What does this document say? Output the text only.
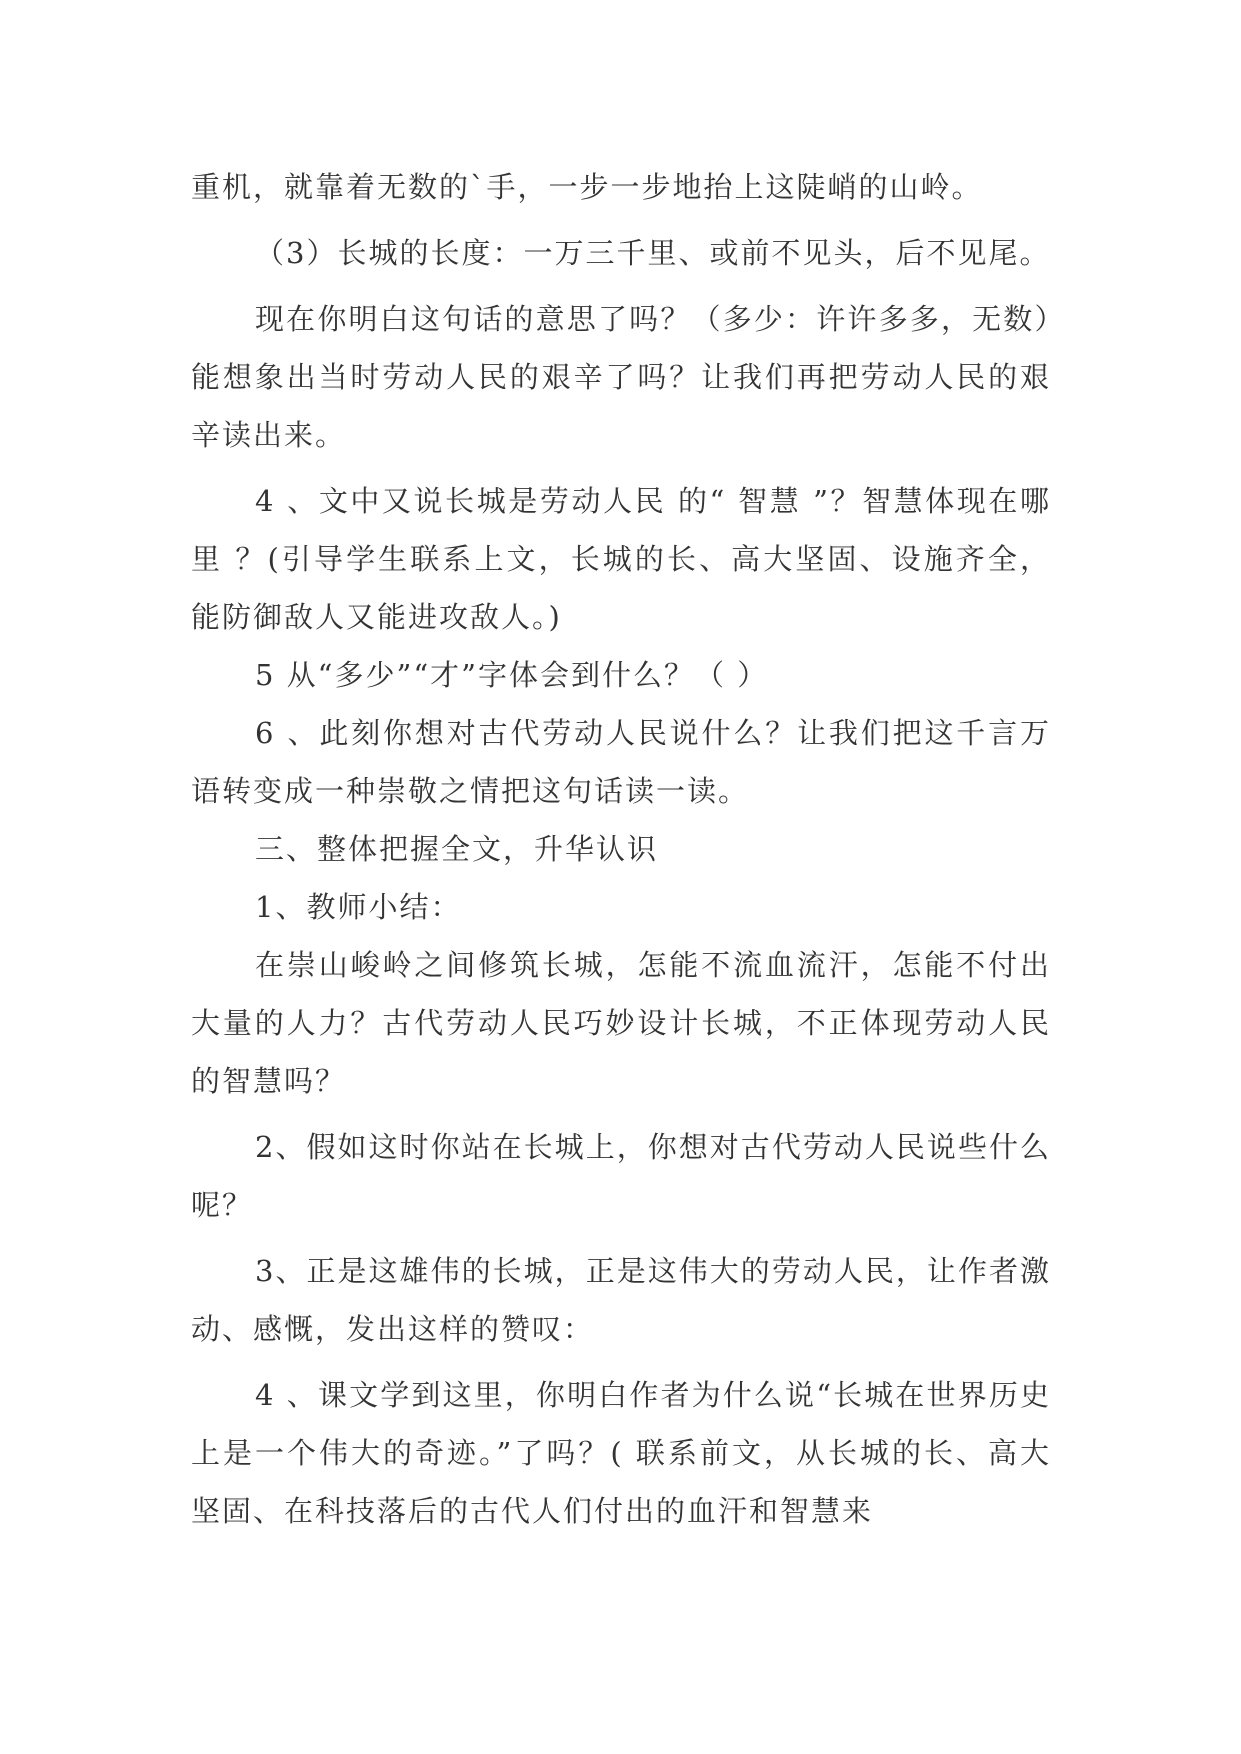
重机，就靠着无数的`手，一步一步地抬上这陡峭的山岭。

（3）长城的长度：一万三千里、或前不见头，后不见尾。

现在你明白这句话的意思了吗？（多少：许许多多，无数）能想象出当时劳动人民的艰辛了吗？让我们再把劳动人民的艰辛读出来。

4 、文中又说长城是劳动人民 的“ 智慧 ”？智慧体现在哪里 ？(引导学生联系上文，长城的长、高大坚固、设施齐全，能防御敌人又能进攻敌人。)

5 从“多少”“才”字体会到什么？（ ）

6 、此刻你想对古代劳动人民说什么？让我们把这千言万语转变成一种崇敬之情把这句话读一读。

三、整体把握全文，升华认识

1、教师小结：

在崇山峻岭之间修筑长城，怎能不流血流汗，怎能不付出大量的人力？古代劳动人民巧妙设计长城，不正体现劳动人民的智慧吗？

2、假如这时你站在长城上，你想对古代劳动人民说些什么呢？

3、正是这雄伟的长城，正是这伟大的劳动人民，让作者激动、感慨，发出这样的赞叹：

4 、课文学到这里，你明白作者为什么说“长城在世界历史上是一个伟大的奇迹。”了吗？( 联系前文，从长城的长、高大坚固、在科技落后的古代人们付出的血汗和智慧来
